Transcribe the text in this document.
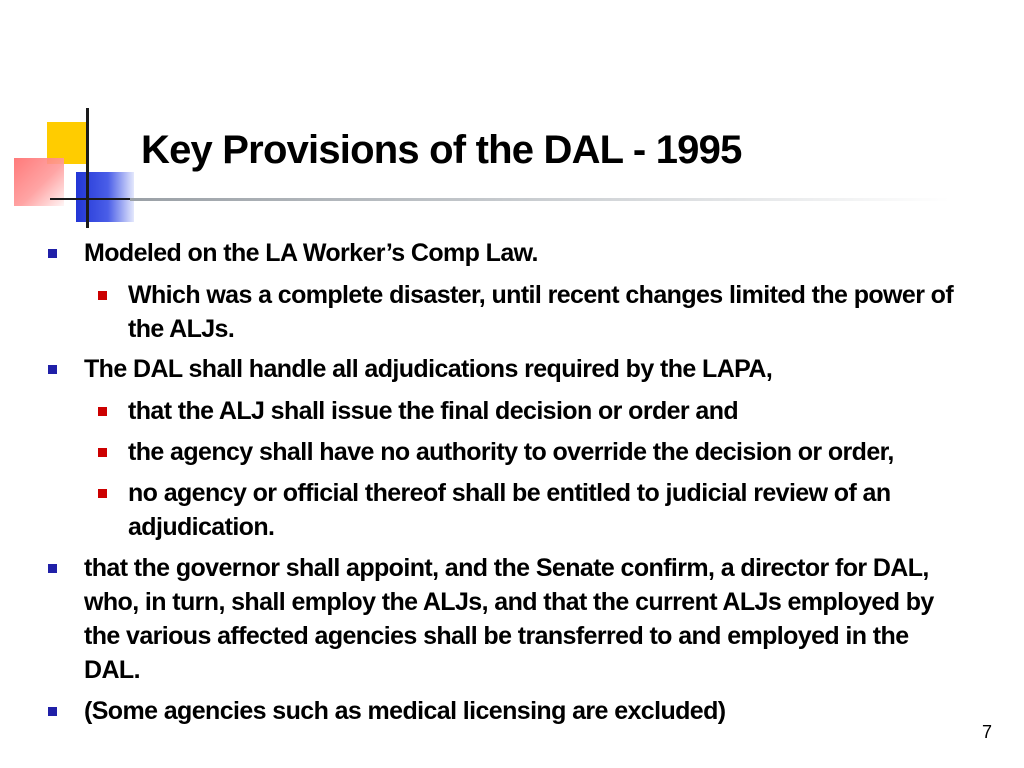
Key Provisions of the DAL - 1995
Modeled on the LA Worker’s Comp Law.
Which was a complete disaster, until recent changes limited the power of the ALJs.
The DAL shall handle all adjudications required by the LAPA,
that the ALJ shall issue the final decision or order and
the agency shall have no authority to override the decision or order,
no agency or official thereof shall be entitled to judicial review of an adjudication.
that the governor shall appoint, and the Senate confirm, a director for DAL, who, in turn, shall employ the ALJs, and that the current ALJs employed by the various affected agencies shall be transferred to and employed in the DAL.
(Some agencies such as medical licensing are excluded)
7
